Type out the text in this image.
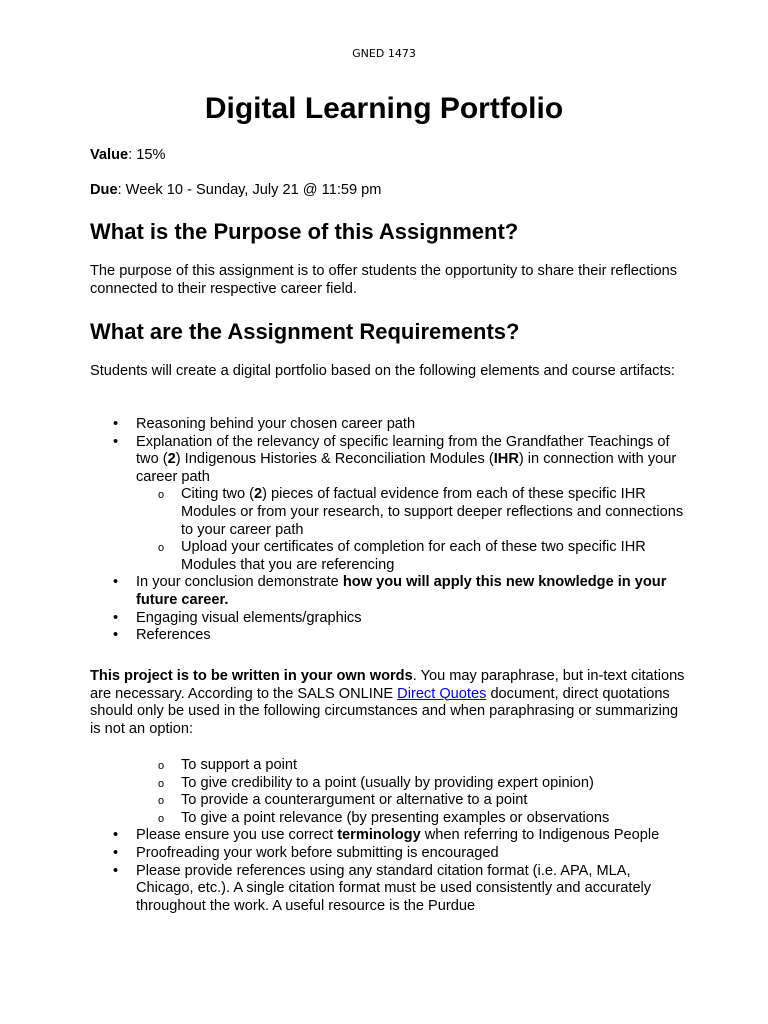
GNED 1473
Digital Learning Portfolio

Value: 15%

Due: Week 10 - Sunday, July 21 @ 11:59 pm

What is the Purpose of this Assignment?

The purpose of this assignment is to offer students the opportunity to share their reflections connected to their respective career field.

What are the Assignment Requirements?

Students will create a digital portfolio based on the following elements and course artifacts:

• Reasoning behind your chosen career path
• Explanation of the relevancy of specific learning from the Grandfather Teachings of two (2) Indigenous Histories & Reconciliation Modules (IHR) in connection with your career path
o Citing two (2) pieces of factual evidence from each of these specific IHR Modules or from your research, to support deeper reflections and connections to your career path
o Upload your certificates of completion for each of these two specific IHR Modules that you are referencing
• In your conclusion demonstrate how you will apply this new knowledge in your future career.
• Engaging visual elements/graphics
• References

This project is to be written in your own words. You may paraphrase, but in-text citations are necessary. According to the SALS ONLINE Direct Quotes document, direct quotations should only be used in the following circumstances and when paraphrasing or summarizing is not an option:

o To support a point
o To give credibility to a point (usually by providing expert opinion)
o To provide a counterargument or alternative to a point
o To give a point relevance (by presenting examples or observations
• Please ensure you use correct terminology when referring to Indigenous People
• Proofreading your work before submitting is encouraged
• Please provide references using any standard citation format (i.e. APA, MLA, Chicago, etc.). A single citation format must be used consistently and accurately throughout the work. A useful resource is the Purdue
